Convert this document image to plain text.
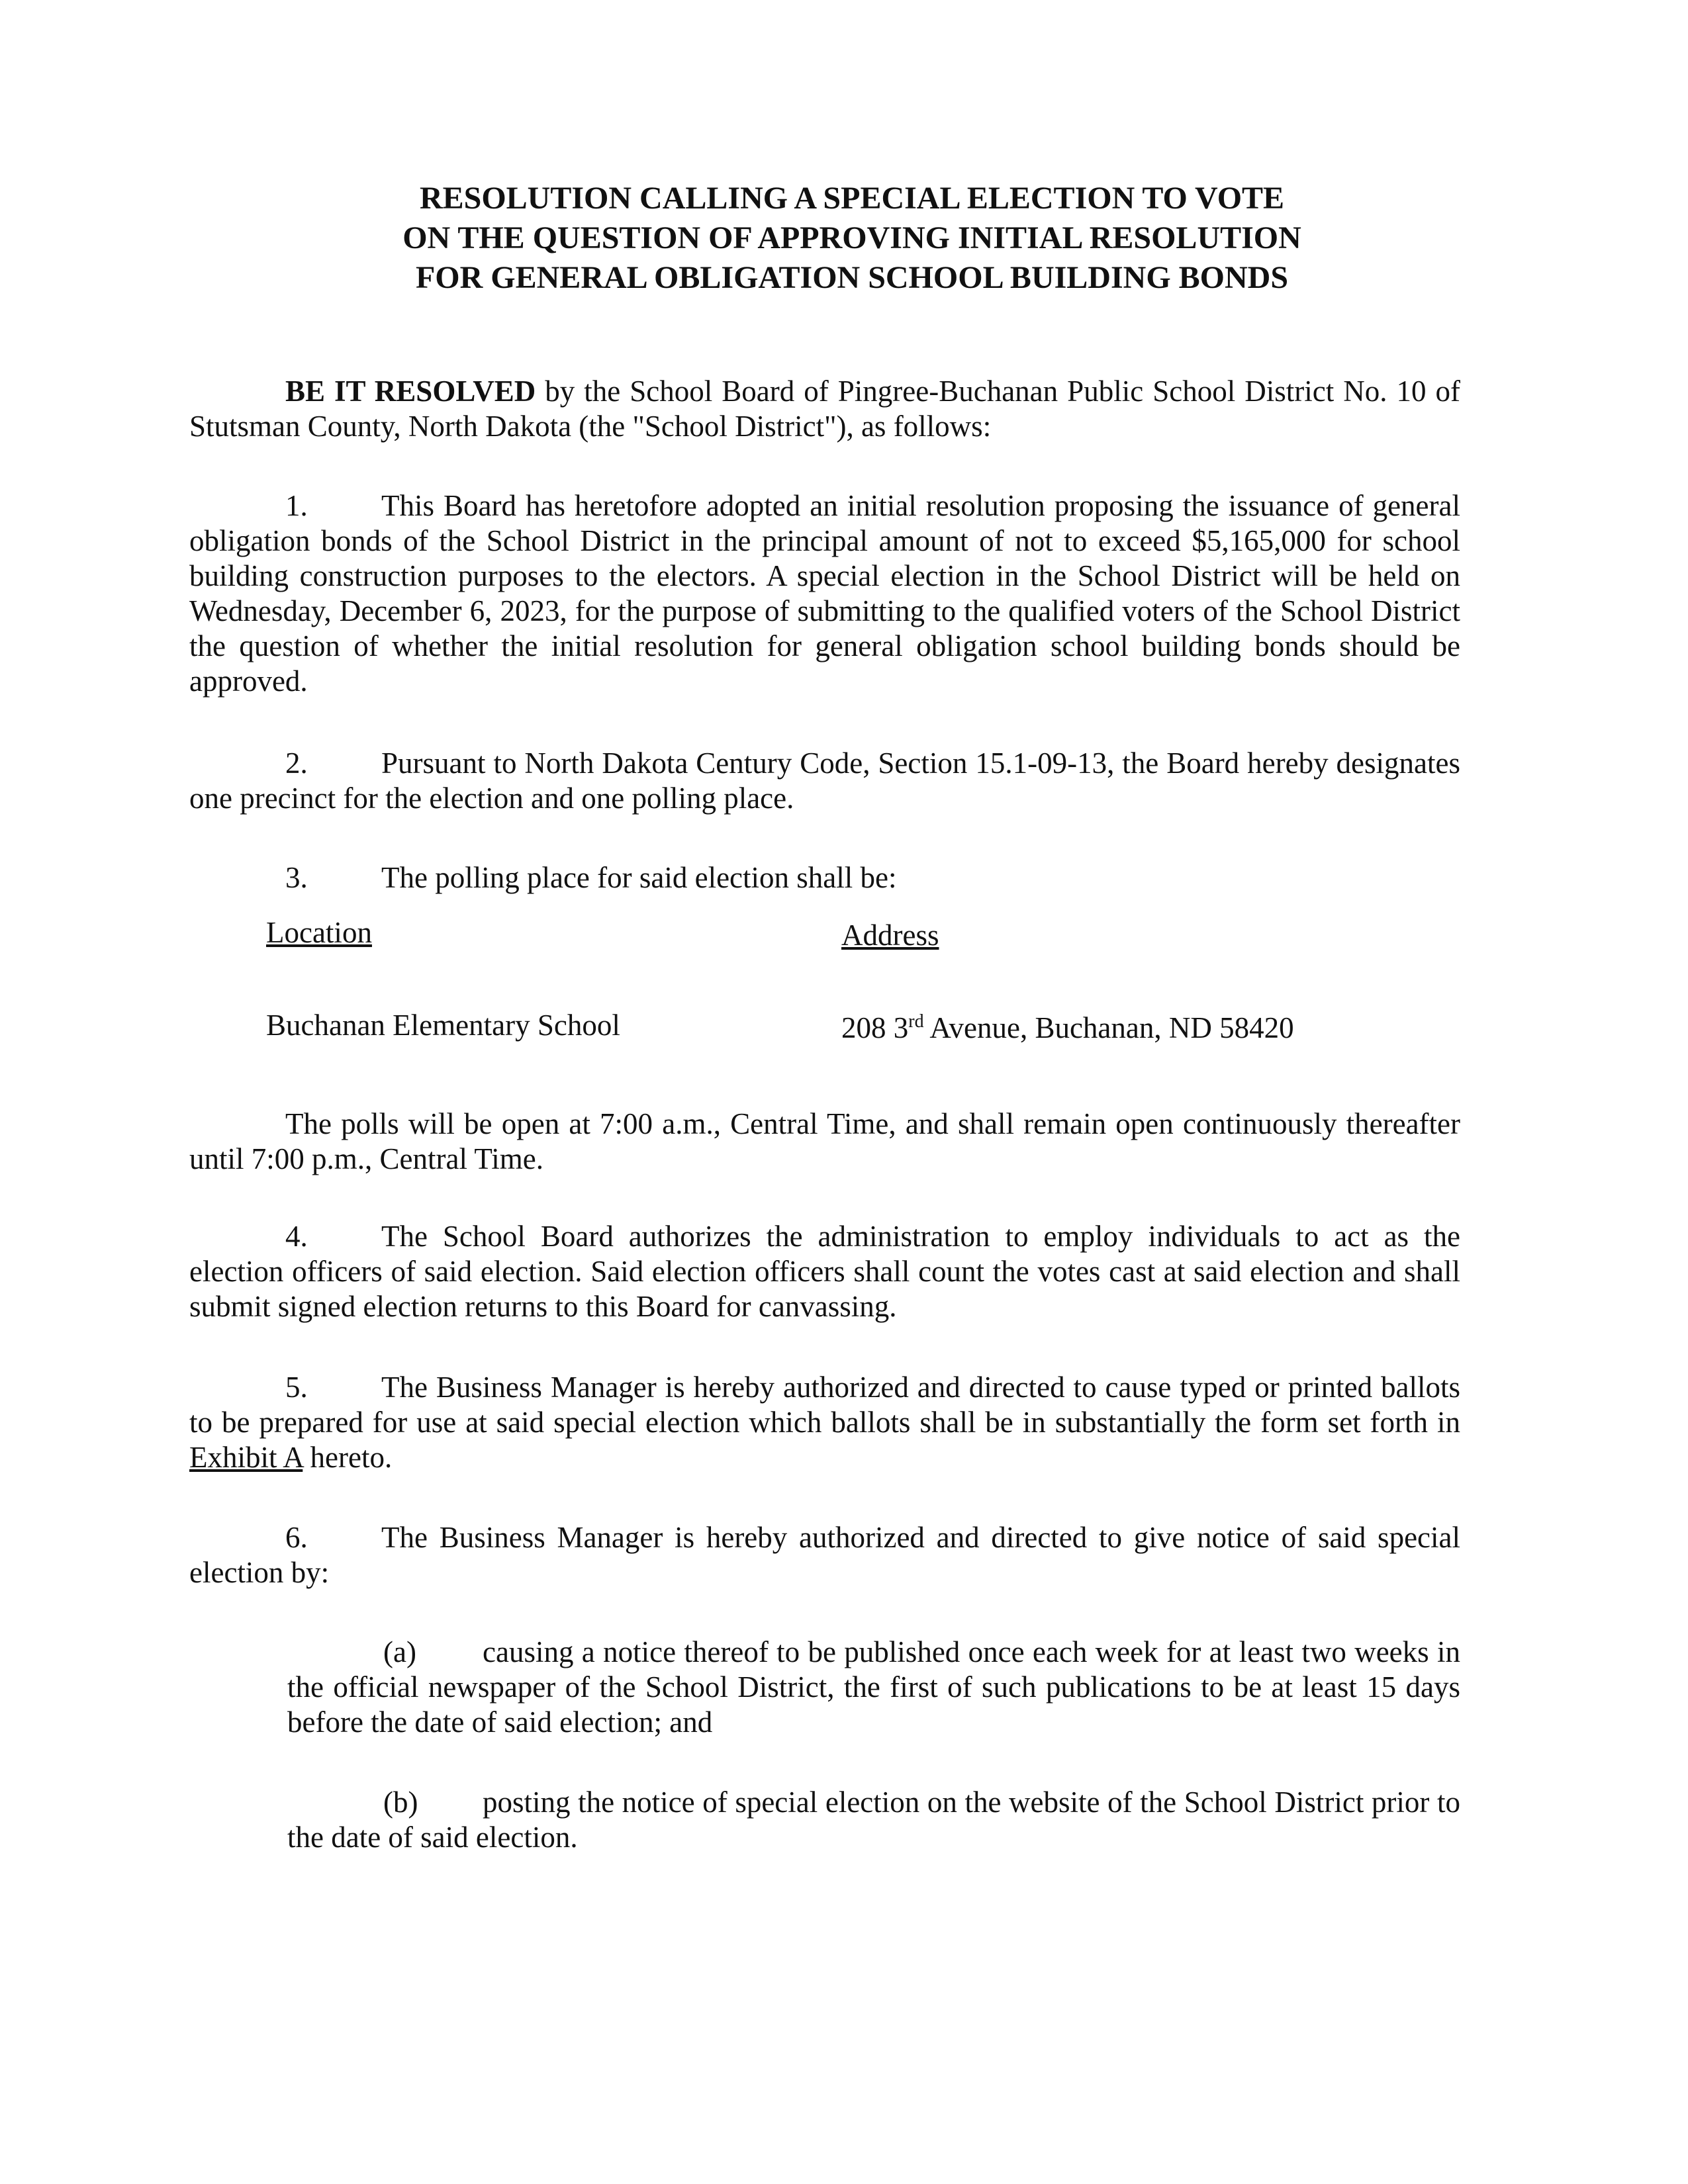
RESOLUTION CALLING A SPECIAL ELECTION TO VOTE
ON THE QUESTION OF APPROVING INITIAL RESOLUTION
FOR GENERAL OBLIGATION SCHOOL BUILDING BONDS

BE IT RESOLVED by the School Board of Pingree-Buchanan Public School District No. 10 of Stutsman County, North Dakota (the "School District"), as follows:

1. This Board has heretofore adopted an initial resolution proposing the issuance of general obligation bonds of the School District in the principal amount of not to exceed $5,165,000 for school building construction purposes to the electors. A special election in the School District will be held on Wednesday, December 6, 2023, for the purpose of submitting to the qualified voters of the School District the question of whether the initial resolution for general obligation school building bonds should be approved.

2. Pursuant to North Dakota Century Code, Section 15.1-09-13, the Board hereby designates one precinct for the election and one polling place.

3. The polling place for said election shall be:

Location	Address
Buchanan Elementary School	208 3rd Avenue, Buchanan, ND 58420

The polls will be open at 7:00 a.m., Central Time, and shall remain open continuously thereafter until 7:00 p.m., Central Time.

4. The School Board authorizes the administration to employ individuals to act as the election officers of said election. Said election officers shall count the votes cast at said election and shall submit signed election returns to this Board for canvassing.

5. The Business Manager is hereby authorized and directed to cause typed or printed ballots to be prepared for use at said special election which ballots shall be in substantially the form set forth in Exhibit A hereto.

6. The Business Manager is hereby authorized and directed to give notice of said special election by:

(a) causing a notice thereof to be published once each week for at least two weeks in the official newspaper of the School District, the first of such publications to be at least 15 days before the date of said election; and

(b) posting the notice of special election on the website of the School District prior to the date of said election.
